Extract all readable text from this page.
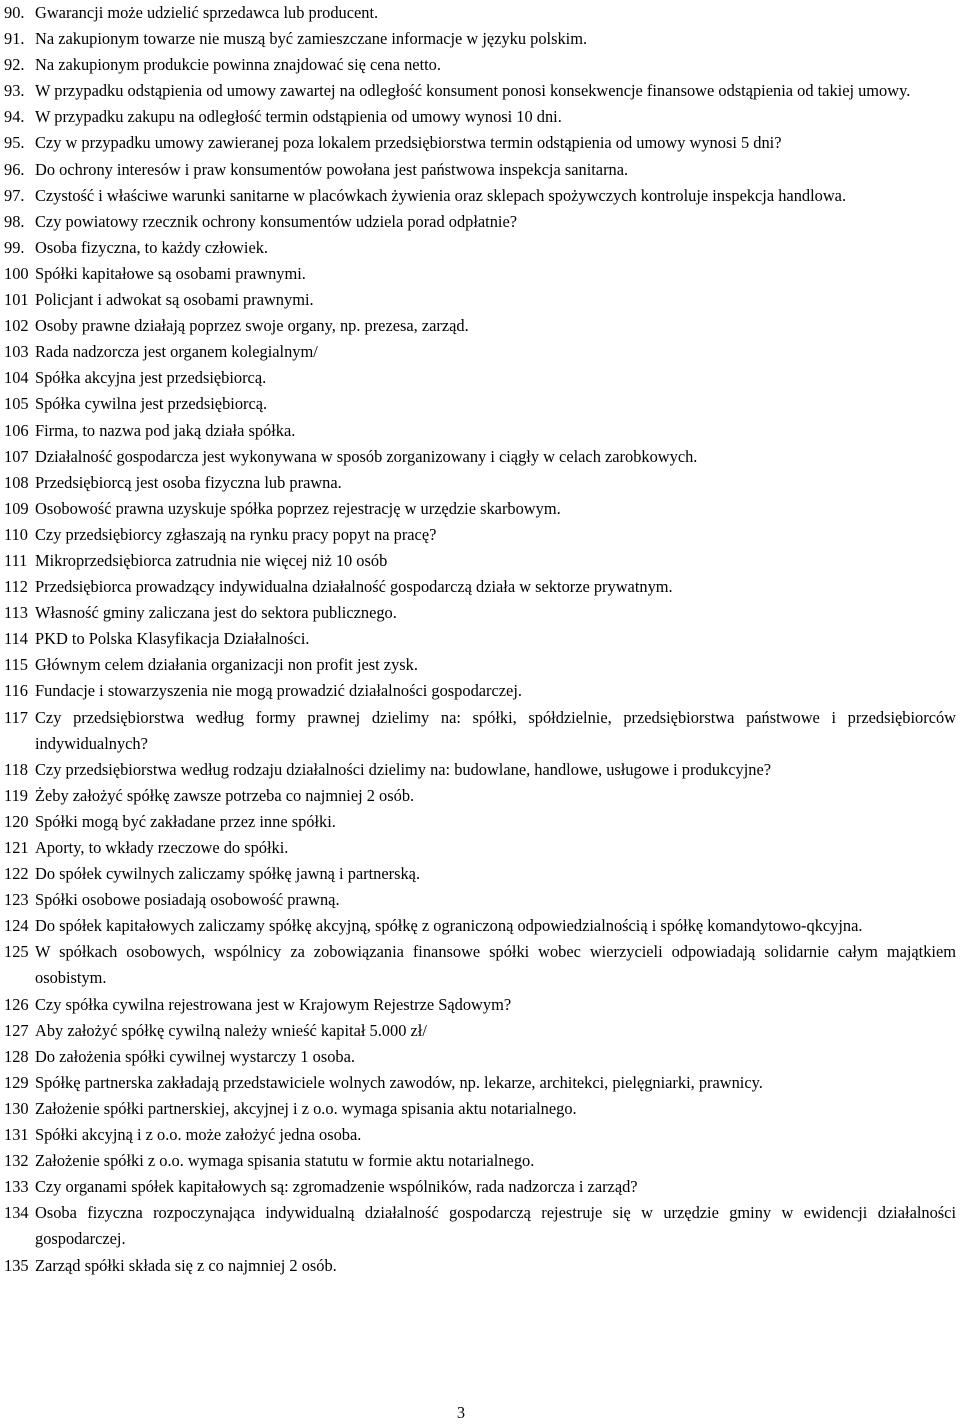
90. Gwarancji może udzielić sprzedawca lub producent.
91. Na zakupionym towarze nie muszą być zamieszczane informacje w języku polskim.
92. Na zakupionym produkcie powinna znajdować się cena netto.
93. W przypadku odstąpienia od umowy zawartej na odległość konsument ponosi konsekwencje finansowe odstąpienia od takiej umowy.
94. W przypadku zakupu na odległość termin odstąpienia od umowy wynosi 10 dni.
95. Czy w przypadku umowy zawieranej poza lokalem przedsiębiorstwa termin odstąpienia od umowy wynosi 5 dni?
96. Do ochrony interesów i praw konsumentów powołana jest państwowa inspekcja sanitarna.
97. Czystość i właściwe warunki sanitarne w placówkach żywienia oraz sklepach spożywczych kontroluje inspekcja handlowa.
98. Czy powiatowy rzecznik ochrony konsumentów udziela porad odpłatnie?
99. Osoba fizyczna, to każdy człowiek.
100 Spółki kapitałowe są osobami prawnymi.
101 Policjant i adwokat są osobami prawnymi.
102 Osoby prawne działają poprzez swoje organy, np. prezesa, zarząd.
103 Rada nadzorcza jest organem kolegialnym/
104 Spółka akcyjna jest przedsiębiorcą.
105 Spółka cywilna jest przedsiębiorcą.
106 Firma, to nazwa pod jaką działa spółka.
107 Działalność gospodarcza jest wykonywana w sposób zorganizowany i ciągły w celach zarobkowych.
108 Przedsiębiorcą jest osoba fizyczna lub prawna.
109 Osobowość prawna uzyskuje spółka poprzez rejestrację w urzędzie skarbowym.
110 Czy przedsiębiorcy zgłaszają na rynku pracy popyt na pracę?
111 Mikroprzedsiębiorca zatrudnia nie więcej niż 10 osób
112 Przedsiębiorca prowadzący indywidualna działalność gospodarczą działa w sektorze prywatnym.
113 Własność gminy zaliczana jest do sektora publicznego.
114 PKD to Polska Klasyfikacja Działalności.
115 Głównym celem działania organizacji non profit jest zysk.
116 Fundacje i stowarzyszenia nie mogą prowadzić działalności gospodarczej.
117 Czy przedsiębiorstwa według formy prawnej dzielimy na: spółki, spółdzielnie, przedsiębiorstwa państwowe i przedsiębiorców indywidualnych?
118 Czy przedsiębiorstwa według rodzaju działalności dzielimy na: budowlane, handlowe, usługowe i produkcyjne?
119 Żeby założyć spółkę zawsze potrzeba co najmniej 2 osób.
120 Spółki mogą być zakładane przez inne spółki.
121 Aporty, to wkłady rzeczowe do spółki.
122 Do spółek cywilnych zaliczamy spółkę jawną i partnerską.
123 Spółki osobowe posiadają osobowość prawną.
124 Do spółek kapitałowych zaliczamy spółkę akcyjną, spółkę z ograniczoną odpowiedzialnością i spółkę komandytowo-qkcyjna.
125 W spółkach osobowych, wspólnicy za zobowiązania finansowe spółki wobec wierzycieli odpowiadają solidarnie całym majątkiem osobistym.
126 Czy spółka cywilna rejestrowana jest w Krajowym Rejestrze Sądowym?
127 Aby założyć spółkę cywilną należy wnieść kapitał 5.000 zł/
128 Do założenia spółki cywilnej wystarczy 1 osoba.
129 Spółkę partnerska zakładają przedstawiciele wolnych zawodów, np. lekarze, architekci, pielęgniarki, prawnicy.
130 Założenie spółki partnerskiej, akcyjnej i z o.o. wymaga spisania aktu notarialnego.
131 Spółki akcyjną i z o.o. może założyć jedna osoba.
132 Założenie spółki z o.o. wymaga spisania statutu w formie aktu notarialnego.
133 Czy organami spółek kapitałowych są: zgromadzenie wspólników, rada nadzorcza i zarząd?
134 Osoba fizyczna rozpoczynająca indywidualną działalność gospodarczą rejestruje się w urzędzie gminy w ewidencji działalności gospodarczej.
135 Zarząd spółki składa się z co najmniej 2 osób.
3
